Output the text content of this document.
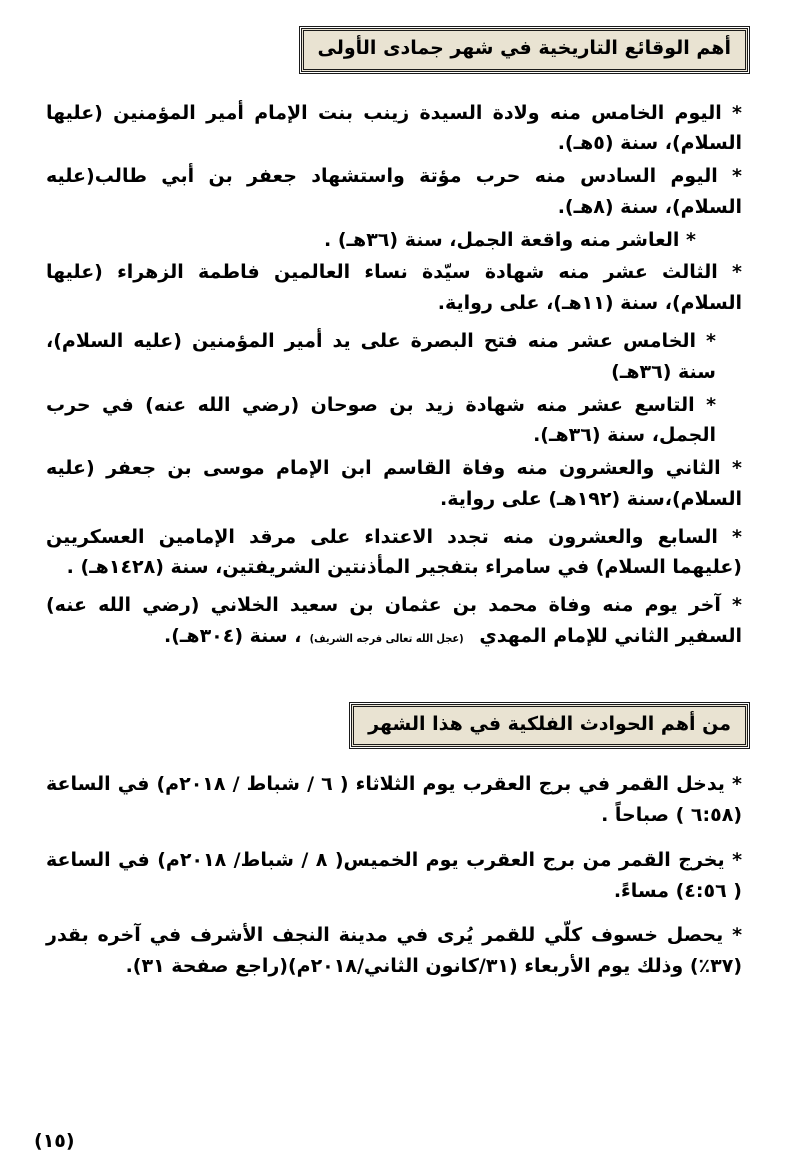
أهم الوقائع التاريخية في شهر جمادى الأولى

* اليوم الخامس منه ولادة السيدة زينب بنت الإمام أمير المؤمنين (عليها السلام)، سنة (٥هـ).

* اليوم السادس منه حرب مؤتة واستشهاد جعفر بن أبي طالب(عليه السلام)، سنة (٨هـ).

* العاشر منه واقعة الجمل، سنة (٣٦هـ) .

* الثالث عشر منه شهادة سيّدة نساء العالمين فاطمة الزهراء (عليها السلام)، سنة (١١هـ)، على رواية.

* الخامس عشر منه فتح البصرة على يد أمير المؤمنين (عليه السلام)، سنة (٣٦هـ)

* التاسع عشر منه شهادة زيد بن صوحان (رضي الله عنه) في حرب الجمل، سنة (٣٦هـ).

* الثاني والعشرون منه وفاة القاسم ابن الإمام موسى بن جعفر (عليه السلام)،سنة (١٩٢هـ) على رواية.

* السابع والعشرون منه تجدد الاعتداء على مرقد الإمامين العسكريين (عليهما السلام) في سامراء بتفجير المأذنتين الشريفتين، سنة (١٤٢٨هـ) .

* آخر يوم منه وفاة محمد بن عثمان بن سعيد الخلاني (رضي الله عنه) السفير الثاني للإمام المهدي (عجل الله تعالى فرجه الشريف)، سنة (٣٠٤هـ).

من أهم الحوادث الفلكية في هذا الشهر

* يدخل القمر في برج العقرب يوم الثلاثاء ( ٦ / شباط / ٢٠١٨م) في الساعة (٦:٥٨ ) صباحاً .

* يخرج القمر من برج العقرب يوم الخميس( ٨ / شباط/ ٢٠١٨م) في الساعة ( ٤:٥٦) مساءً.

* يحصل خسوف كلّي للقمر يُرى في مدينة النجف الأشرف في آخره بقدر (٣٧٪) وذلك يوم الأربعاء (٣١/كانون الثاني/٢٠١٨م)(راجع صفحة ٣١).

(١٥)
